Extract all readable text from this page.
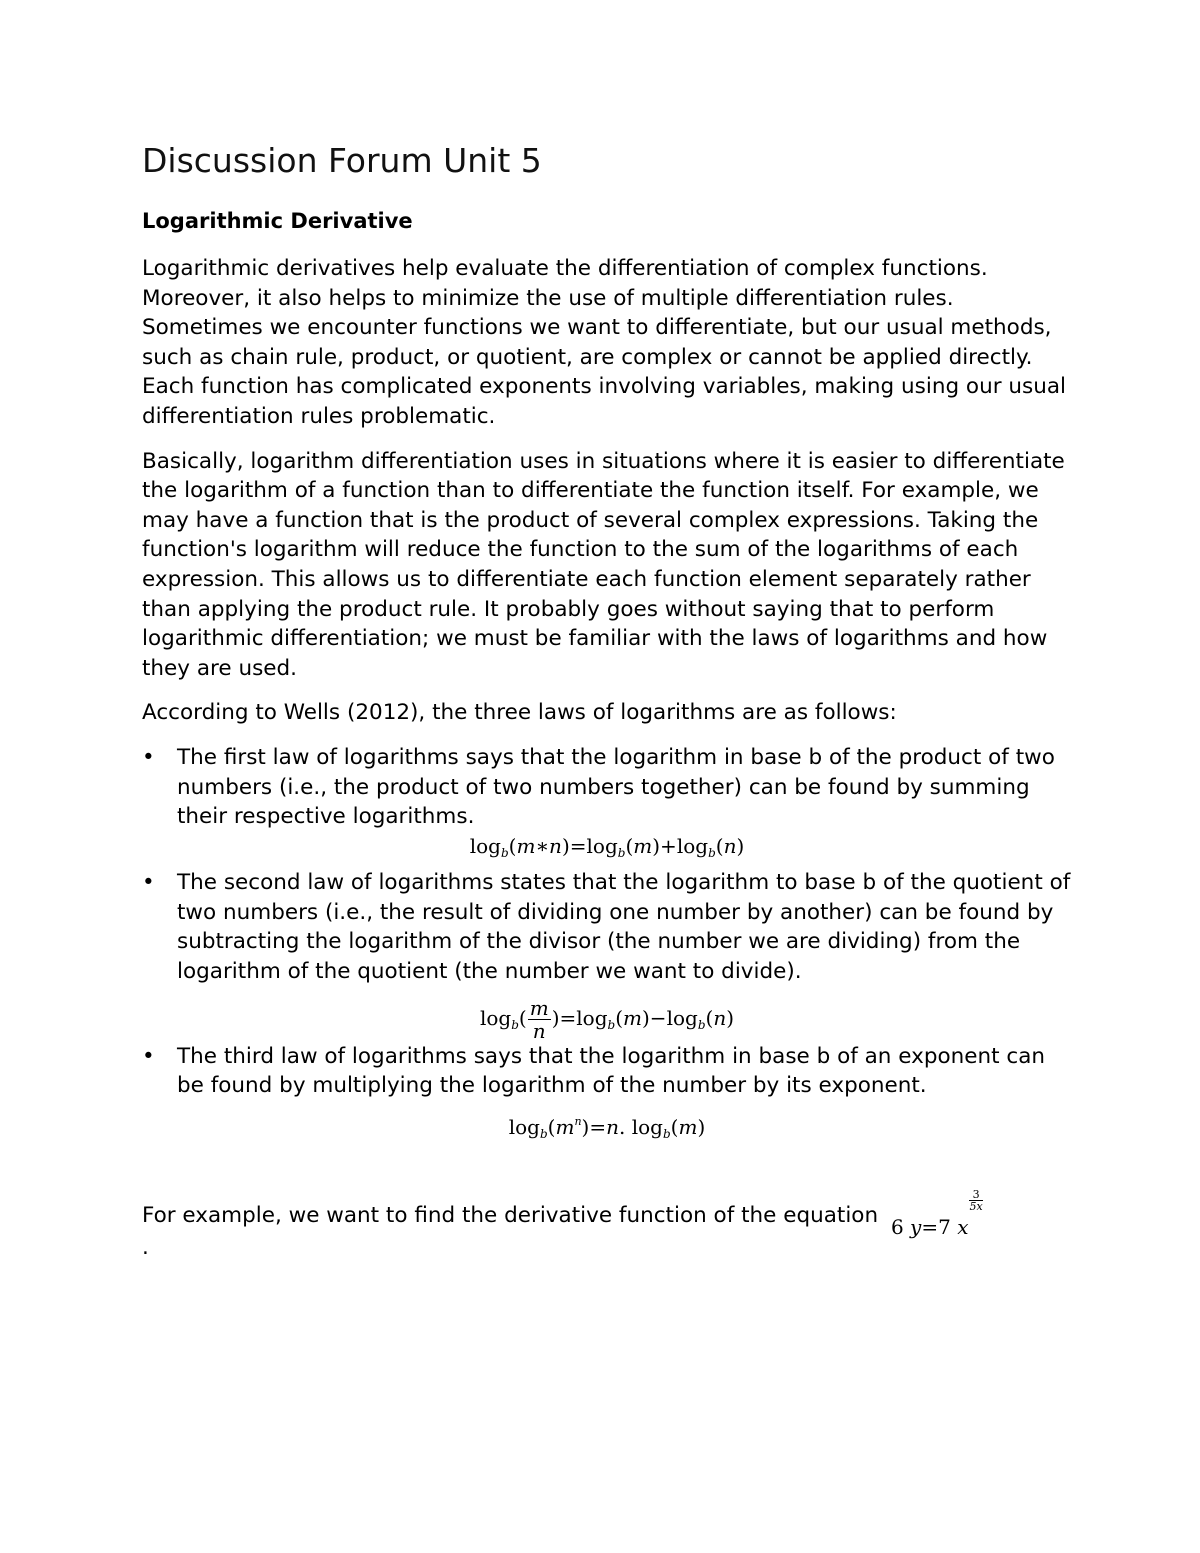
Discussion Forum Unit 5
Logarithmic Derivative

Logarithmic derivatives help evaluate the differentiation of complex functions. Moreover, it also helps to minimize the use of multiple differentiation rules. Sometimes we encounter functions we want to differentiate, but our usual methods, such as chain rule, product, or quotient, are complex or cannot be applied directly. Each function has complicated exponents involving variables, making using our usual differentiation rules problematic.

Basically, logarithm differentiation uses in situations where it is easier to differentiate the logarithm of a function than to differentiate the function itself. For example, we may have a function that is the product of several complex expressions. Taking the function's logarithm will reduce the function to the sum of the logarithms of each expression. This allows us to differentiate each function element separately rather than applying the product rule. It probably goes without saying that to perform logarithmic differentiation; we must be familiar with the laws of logarithms and how they are used.

According to Wells (2012), the three laws of logarithms are as follows:

•	The first law of logarithms says that the logarithm in base b of the product of two numbers (i.e., the product of two numbers together) can be found by summing their respective logarithms.
$\log_b(m∗n)=\log_b(m)+\log_b(n)$
•	The second law of logarithms states that the logarithm to base b of the quotient of two numbers (i.e., the result of dividing one number by another) can be found by subtracting the logarithm of the divisor (the number we are dividing) from the logarithm of the quotient (the number we want to divide).
$\log_b( \frac{m}{n} )=\log_b(m)-\log_b(n)$
•	The third law of logarithms says that the logarithm in base b of an exponent can be found by multiplying the logarithm of the number by its exponent.
$\log_b(m^n)=n$. $\log_b(m)$
For example, we want to find the derivative function of the equation 6 y=7 x
$\frac{3}{5x}$
.
